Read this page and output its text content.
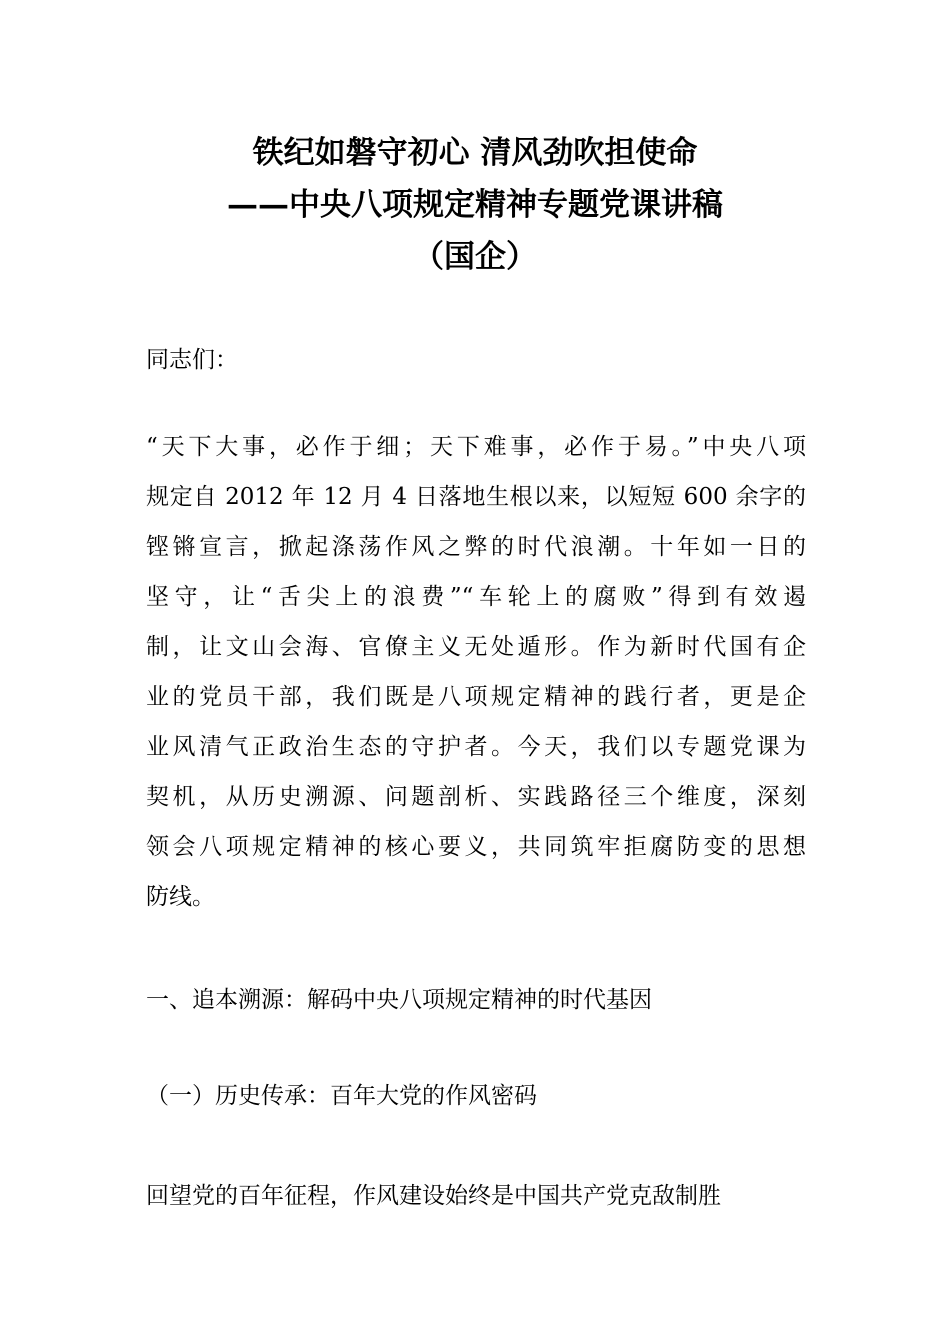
铁纪如磐守初心 清风劲吹担使命
——中央八项规定精神专题党课讲稿
（国企）
同志们：
“天下大事，必作于细；天下难事，必作于易。”中央八项
规定自 2012 年 12 月 4 日落地生根以来，以短短 600 余字的
铿锵宣言，掀起涤荡作风之弊的时代浪潮。十年如一日的
坚守，让“舌尖上的浪费”“车轮上的腐败”得到有效遏
制，让文山会海、官僚主义无处遁形。作为新时代国有企
业的党员干部，我们既是八项规定精神的践行者，更是企
业风清气正政治生态的守护者。今天，我们以专题党课为
契机，从历史溯源、问题剖析、实践路径三个维度，深刻
领会八项规定精神的核心要义，共同筑牢拒腐防变的思想
防线。
一、追本溯源：解码中央八项规定精神的时代基因
（一）历史传承：百年大党的作风密码
回望党的百年征程，作风建设始终是中国共产党克敌制胜
